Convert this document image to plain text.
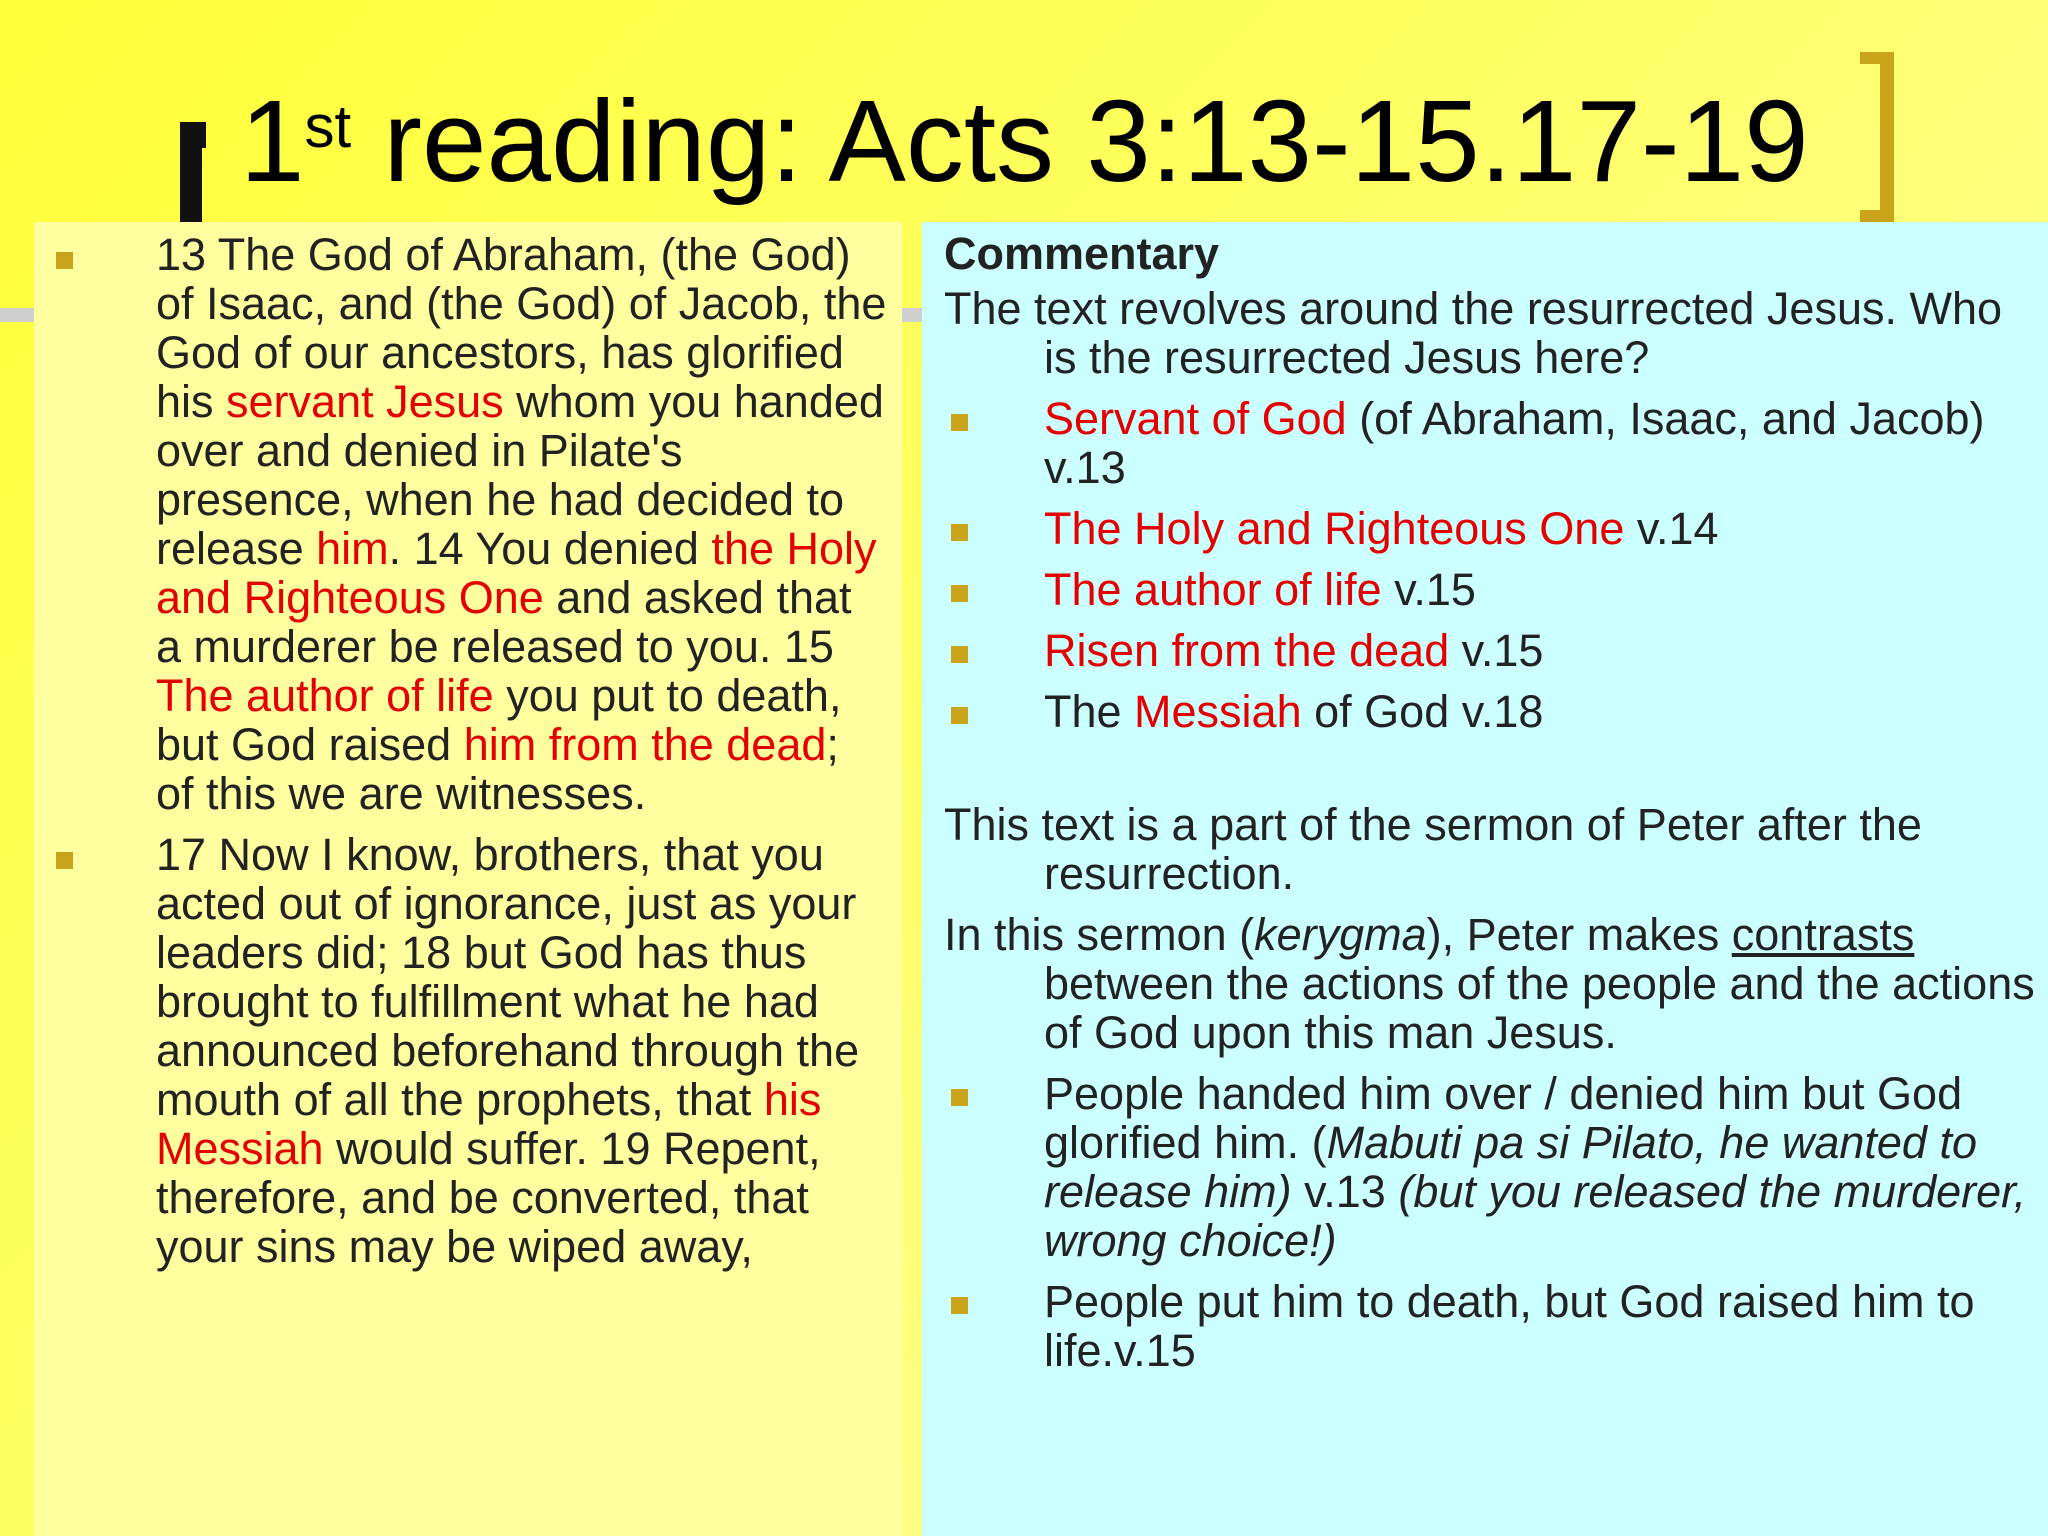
1st reading: Acts 3:13-15.17-19
13 The God of Abraham, (the God) of Isaac, and (the God) of Jacob, the God of our ancestors, has glorified his servant Jesus whom you handed over and denied in Pilate's presence, when he had decided to release him. 14 You denied the Holy and Righteous One and asked that a murderer be released to you. 15 The author of life you put to death, but God raised him from the dead; of this we are witnesses.
17 Now I know, brothers, that you acted out of ignorance, just as your leaders did; 18 but God has thus brought to fulfillment what he had announced beforehand through the mouth of all the prophets, that his Messiah would suffer. 19 Repent, therefore, and be converted, that your sins may be wiped away,
Commentary
The text revolves around the resurrected Jesus. Who is the resurrected Jesus here?
Servant of God (of Abraham, Isaac, and Jacob) v.13
The Holy and Righteous One v.14
The author of life v.15
Risen from the dead v.15
The Messiah of God v.18
This text is a part of the sermon of Peter after the resurrection.
In this sermon (kerygma), Peter makes contrasts between the actions of the people and the actions of God upon this man Jesus.
People handed him over / denied him but God glorified him. (Mabuti pa si Pilato, he wanted to release him) v.13 (but you released the murderer, wrong choice!)
People put him to death, but God raised him to life.v.15
